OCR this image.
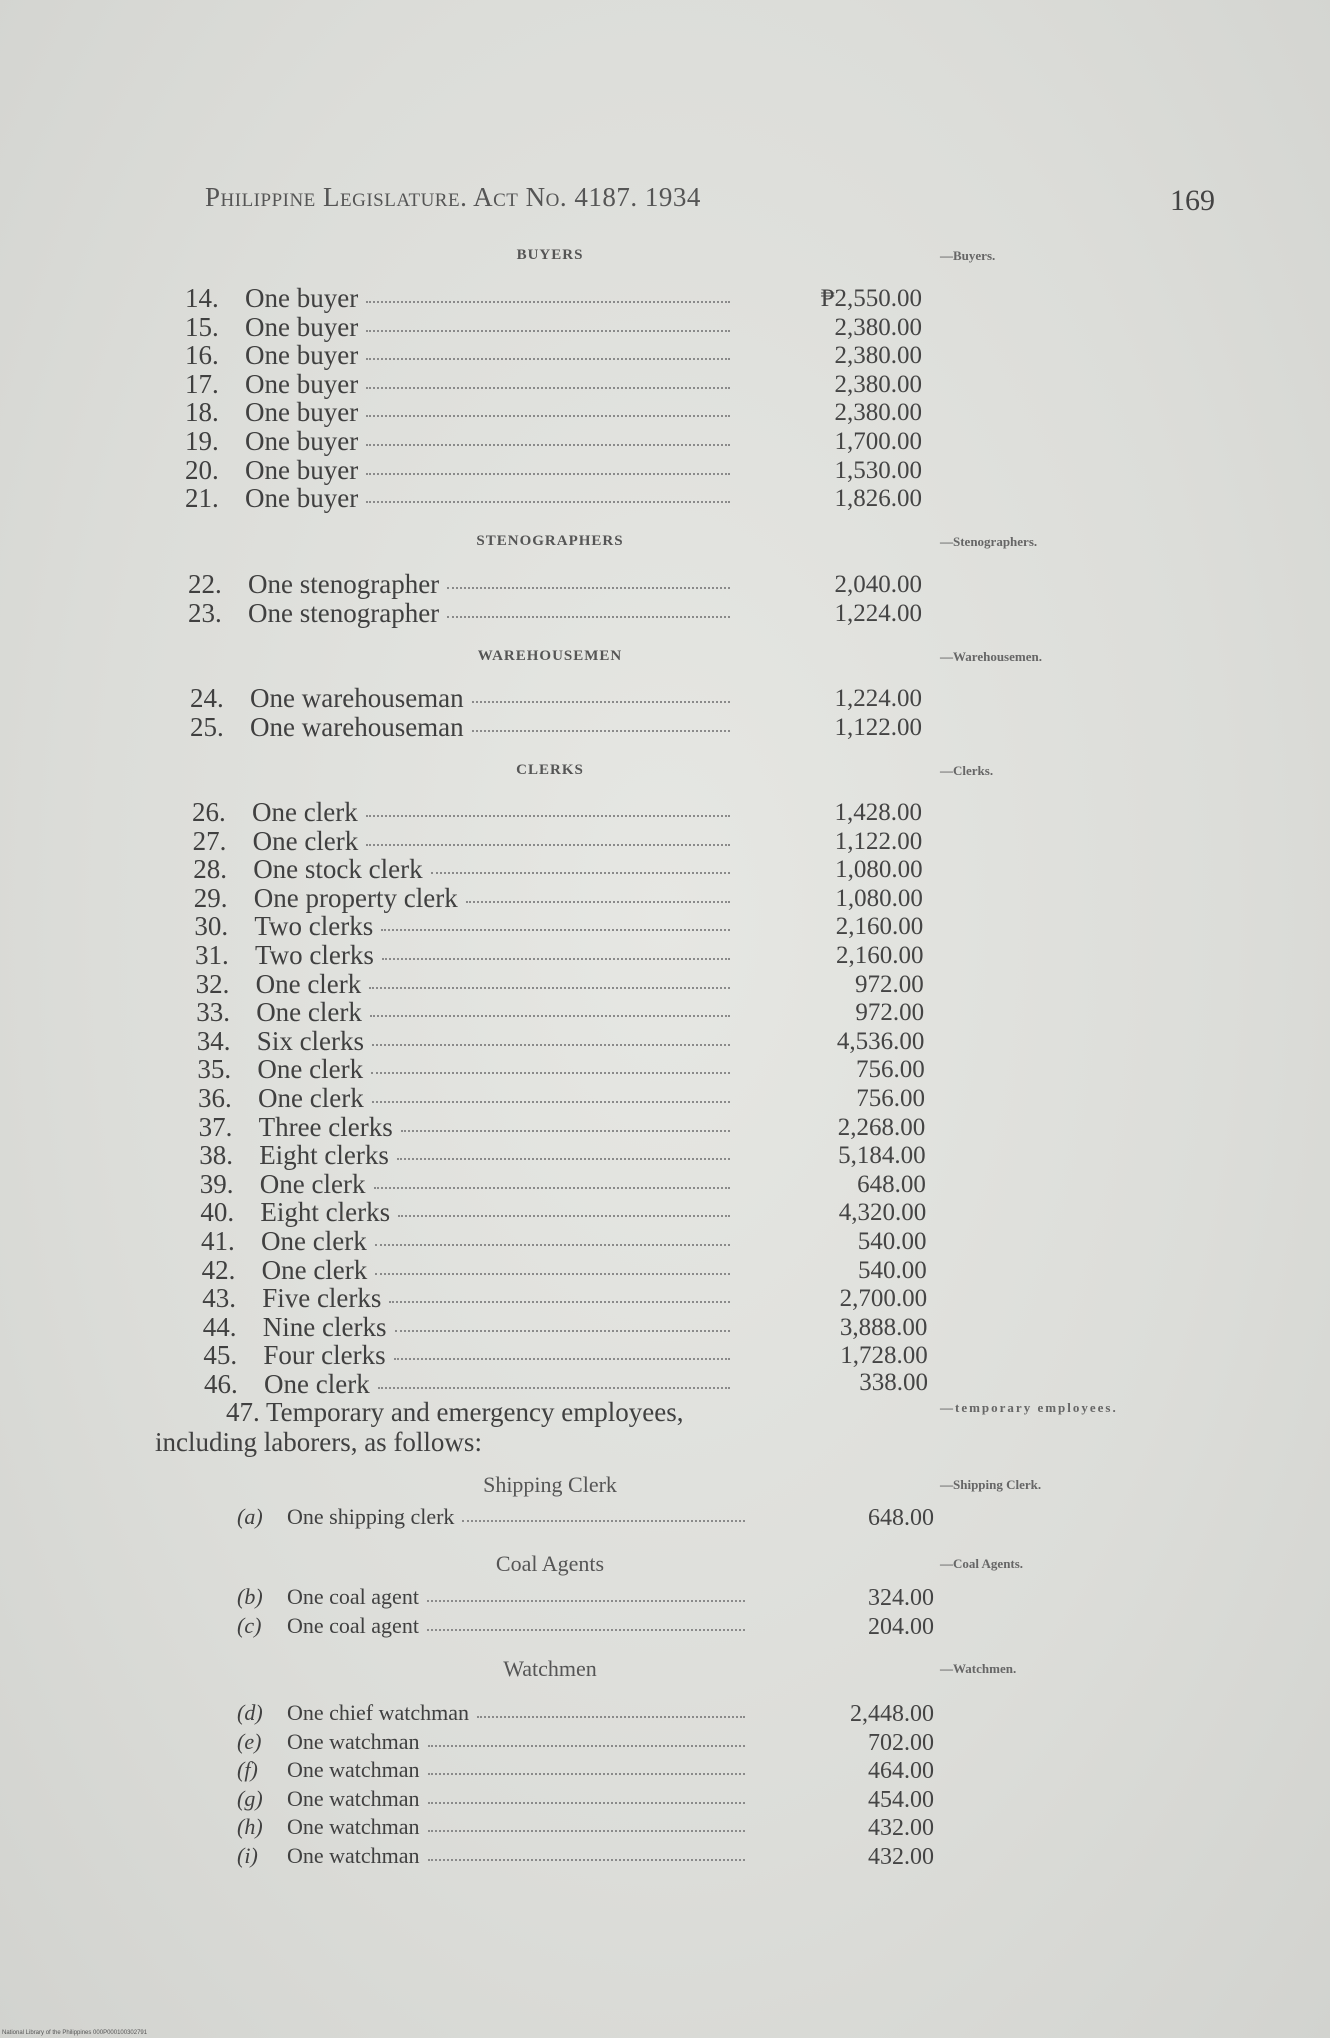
Philippine Legislature. Act No. 4187. 1934	169
BUYERS	—Buyers.
14. One buyer	₱2,550.00
15. One buyer	2,380.00
16. One buyer	2,380.00
17. One buyer	2,380.00
18. One buyer	2,380.00
19. One buyer	1,700.00
20. One buyer	1,530.00
21. One buyer	1,826.00
STENOGRAPHERS	—Stenographers.
22. One stenographer	2,040.00
23. One stenographer	1,224.00
WAREHOUSEMEN	—Warehousemen.
24. One warehouseman	1,224.00
25. One warehouseman	1,122.00
CLERKS	—Clerks.
26. One clerk	1,428.00
27. One clerk	1,122.00
28. One stock clerk	1,080.00
29. One property clerk	1,080.00
30. Two clerks	2,160.00
31. Two clerks	2,160.00
32. One clerk	972.00
33. One clerk	972.00
34. Six clerks	4,536.00
35. One clerk	756.00
36. One clerk	756.00
37. Three clerks	2,268.00
38. Eight clerks	5,184.00
39. One clerk	648.00
40. Eight clerks	4,320.00
41. One clerk	540.00
42. One clerk	540.00
43. Five clerks	2,700.00
44. Nine clerks	3,888.00
45. Four clerks	1,728.00
46. One clerk	338.00
47. Temporary and emergency employees,
including laborers, as follows:
—temporary employees.
Shipping Clerk	—Shipping Clerk.
(a) One shipping clerk	648.00
Coal Agents	—Coal Agents.
(b) One coal agent	324.00
(c) One coal agent	204.00
Watchmen	—Watchmen.
(d) One chief watchman	2,448.00
(e) One watchman	702.00
(f) One watchman	464.00
(g) One watchman	454.00
(h) One watchman	432.00
(i) One watchman	432.00
National Library of the Philippines 000P000100302791
